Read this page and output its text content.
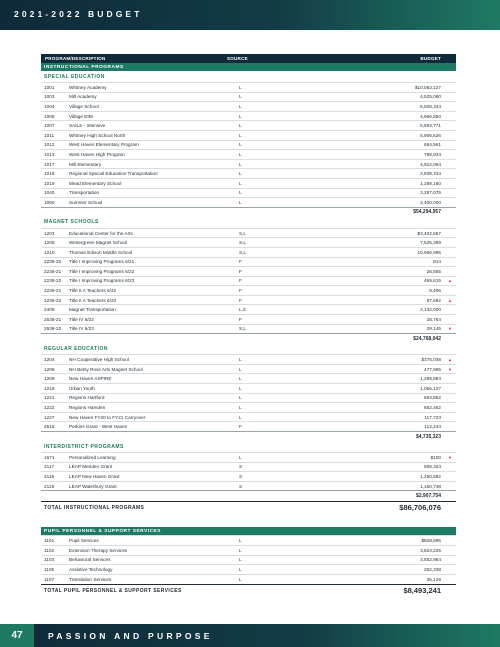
2021-2022 BUDGET
PROGRAM/DESCRIPTION	SOURCE	BUDGET
INSTRUCTIONAL PROGRAMS
SPECIAL EDUCATION
1001	Whitney Academy	L	$10,063,127
1003	Mill Academy	L	4,525,080
1004	Village School	L	6,928,344
1005	Village EIBI	L	4,966,850
1007	SAILS - Intensive	L	5,593,771
1011	Whitney High School North	L	5,906,626
1012	West Haven Elementary Program	L	654,561
1013	West Haven High Program	L	798,934
1017	Mill Elementary	L	4,912,094
1018	Regional Special Education Transportation	L	2,839,334
1019	Mead Elementary School	L	1,289,160
1040	Transportation	L	3,287,075
1060	Summer School	L	2,400,000
$54,294,957
MAGNET SCHOOLS
1203	Educational Center for the Arts	S,L	$3,402,657
1205	Wintergreen Magnet School	S,L	7,625,399
1210	Thomas Edison Middle School	S,L	10,956,995
2238-20	Title I Improving Programs 6/21	F	814
2238-21	Title I Improving Programs 6/22	F	26,555
2238-22	Title I Improving Programs 6/23	F	469,615 ▲
2239-21	Title II A Teachers 6/22	F	8,406
2239-22	Title II A Teachers 6/23	F	87,692 ▲
2405	Magnet Transportation	L,S	2,132,000
2638-21	Title IV 6/22	F	28,764
2638-22	Title IV 6/23	S,L	29,145 ▼
$24,768,042
REGULAR EDUCATION
1204	NH Cooperative High School	L	$375,038 ▲
1206	NH Betsy Ross Arts Magnet School	L	477,995 ▼
1209	New Haven ASPIRE	L	1,289,883
1218	Urban Youth	L	1,056,127
1221	Regions Hartford	L	653,852
1222	Regions Hamden	L	652,462
1227	New Haven FY20 to FY21 Carryover	L	117,723
2616	Perkins Grant - West Haven	F	112,244
$4,735,323
INTERDISTRICT PROGRAMS
1671	Personalized Learning	L	$100 ▼
2117	LEAP Meriden Grant	S	506,324
2118	LEAP New Haven Grant	S	1,250,592
2119	LEAP Waterbury Grant	S	1,150,738
$2,907,754
TOTAL INSTRUCTIONAL PROGRAMS	$86,706,076
PUPIL PERSONNEL & SUPPORT SERVICES
1101	Pupil Services	L	$828,595
1102	Extension Therapy Services	L	3,824,225
1103	Behavioral Services	L	3,552,954
1105	Assistive Technology	L	252,338
1107	Translation Services	L	35,129
TOTAL PUPIL PERSONNEL & SUPPORT SERVICES	$8,493,241
47	PASSION AND PURPOSE
